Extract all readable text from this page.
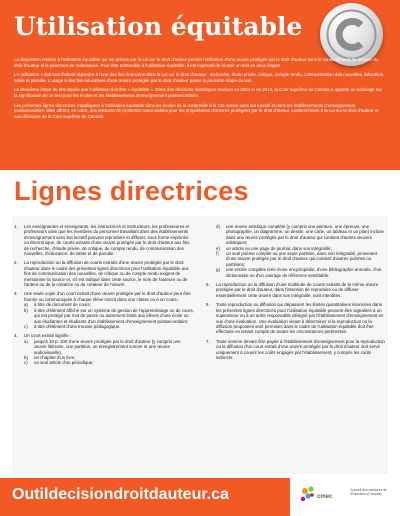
Utilisation équitable

La disposition relative à l'utilisation équitable qui est prévue par la Loi sur le droit d'auteur permet l'utilisation d'une œuvre protégée par le droit d'auteur sans le consentement du titulaire du droit d'auteur ni le paiement de redevances. Pour être admissible à l'utilisation équitable, il est impératif de réussir un test en deux étapes.

L'« utilisation » doit tout d'abord répondre à l'une des fins énoncées dans la Loi sur le droit d'auteur : recherche, étude privée, critique, compte rendu, communication des nouvelles, éducation, satire et parodie. L'usage à des fins éducatives d'une œuvre protégée par le droit d'auteur passe la première étape du test.

La deuxième étape du test stipule que l'utilisation doit être « équitable ». Dans des décisions historiques rendues en 2004 et en 2012, la Cour suprême du Canada a apporté un éclairage sur la signification de ce test pour les écoles et les établissements d'enseignement postsecondaire.

Les présentes lignes directrices s'appliquent à l'utilisation équitable dans les écoles de la maternelle à la 12e année sans but lucratif et dans les établissements d'enseignement postsecondaire; elles offrent, en outre, des mesures de protection raisonnables pour les propriétaires d'œuvres protégées par le droit d'auteur, conformément à la Loi sur le droit d'auteur et aux décisions de la Cour suprême du Canada.

Lignes directrices
1. Les enseignantes et enseignants, les instructrices et instructeurs, les professeures et professeurs ainsi que les membres du personnel travaillant dans des établissements d'enseignement sans but lucratif peuvent reproduire et diffuser, sous forme imprimée ou électronique, de courts extraits d'une œuvre protégée par le droit d'auteur aux fins de recherche, d'étude privée, de critique, de compte rendu, de communication des nouvelles, d'éducation, de satire et de parodie.
2. La reproduction ou la diffusion de courts extraits d'une œuvre protégée par le droit d'auteur dans le cadre des présentes lignes directrices pour l'utilisation équitable aux fins de communication des nouvelles, de critique ou de compte rendu exigent de mentionner la source et, s'il est indiqué dans cette source, le nom de l'auteure ou de l'auteur ou de la créatrice ou du créateur de l'œuvre.
3. Une seule copie d'un court extrait d'une œuvre protégée par le droit d'auteur peut être fournie ou communiquée à chaque élève inscrit dans une classe ou à un cours :
a) à titre de document de cours;
b) à titre d'élément affiché sur un système de gestion de l'apprentissage ou de cours, qui est protégé par mot de passe ou autrement limité aux élèves d'une école ou aux étudiantes et étudiants d'un établissement d'enseignement postsecondaire;
c) à titre d'élément d'une trousse pédagogique.
4. Un court extrait signifie :
a) jusqu'à 10 p. 100 d'une œuvre protégée par le droit d'auteur (y compris une œuvre littéraire, une partition, un enregistrement sonore et une œuvre audiovisuelle),
b) un chapitre d'un livre;
c) un seul article d'un périodique;
d) une œuvre artistique complète (y compris une peinture, une épreuve, une photographie, un diagramme, un dessin, une carte, un tableau et un plan) incluse dans une œuvre protégée par le droit d'auteur qui contient d'autres œuvres artistiques;
e) un article ou une page de journal, dans son intégralité;
f) un seul poème complet ou une seule partition, dans son intégralité, provenant d'une œuvre protégée par le droit d'auteur qui contient d'autres poèmes ou partitions;
g) une entrée complète tirée d'une encyclopédie, d'une bibliographie annotée, d'un dictionnaire ou d'un ouvrage de référence semblable.
5. La reproduction ou la diffusion d'une multitude de courts extraits de la même œuvre protégée par le droit d'auteur, dans l'intention de reproduire ou de diffuser essentiellement cette œuvre dans son intégralité, sont interdites.
6. Toute reproduction ou diffusion qui dépassent les limites quantitatives énoncées dans les présentes lignes directrices pour l'utilisation équitable peuvent être signalées à un superviseur ou à un autre responsable désigné par l'établissement d'enseignement en vue d'une évaluation. Une évaluation visant à déterminer si la reproduction ou la diffusion proposées sont permises dans le cadre de l'utilisation équitable doit être effectuée en tenant compte de toutes les circonstances pertinentes.
7. Toute somme devant être payée à l'établissement d'enseignement pour la reproduction ou la diffusion d'un court extrait d'une œuvre protégée par le droit d'auteur doit servir uniquement à couvrir les coûts engagés par l'établissement, y compris les coûts indirects.
Outildecisiondroitdauteur.ca	cmec
Conseil des ministres de l'Éducation (Canada)
